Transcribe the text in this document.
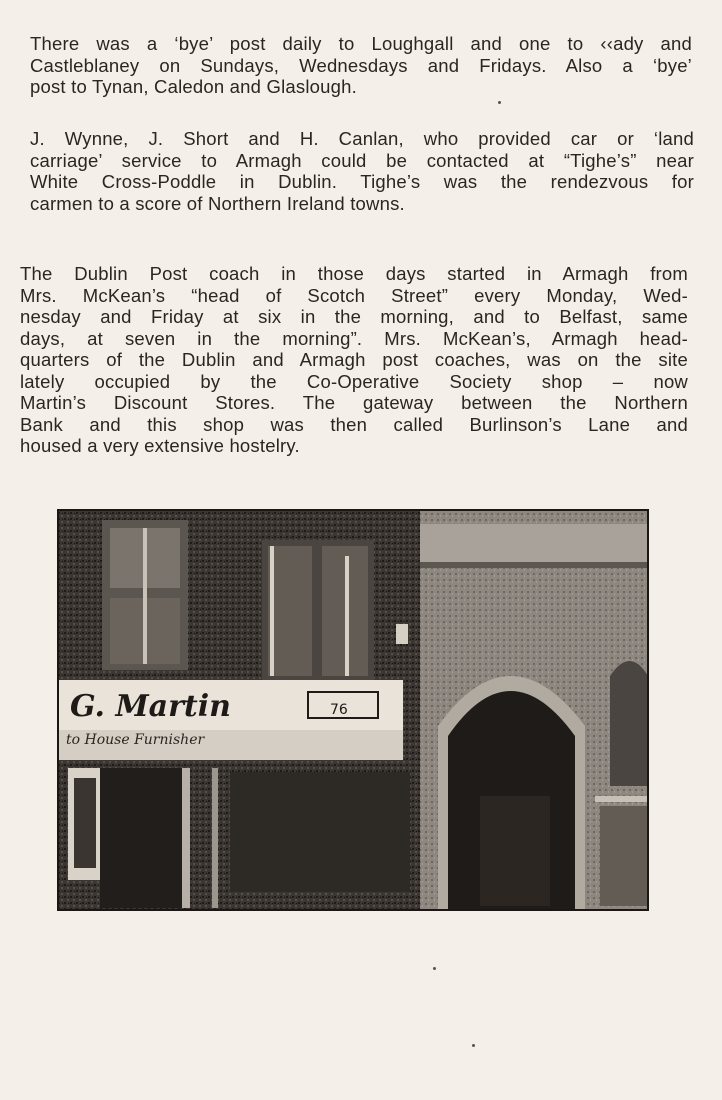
There was a ‘bye’ post daily to Loughgall and one to ‹‹ady and
Castleblaney on Sundays, Wednesdays and Fridays. Also a ‘bye’
post to Tynan, Caledon and Glaslough.
J. Wynne, J. Short and H. Canlan, who provided car or ‘land
carriage’ service to Armagh could be contacted at “Tighe’s” near
White Cross-Poddle in Dublin. Tighe’s was the rendezvous for
carmen to a score of Northern Ireland towns.
The Dublin Post coach in those days started in Armagh from
Mrs. McKean’s “head of Scotch Street” every Monday, Wed-
nesday and Friday at six in the morning, and to Belfast, same
days, at seven in the morning”. Mrs. McKean’s, Armagh head-
quarters of the Dublin and Armagh post coaches, was on the site
lately occupied by the Co-Operative Society shop – now
Martin’s Discount Stores. The gateway between the Northern
Bank and this shop was then called Burlinson’s Lane and
housed a very extensive hostelry.
G. Martin	76
to House Furnisher
